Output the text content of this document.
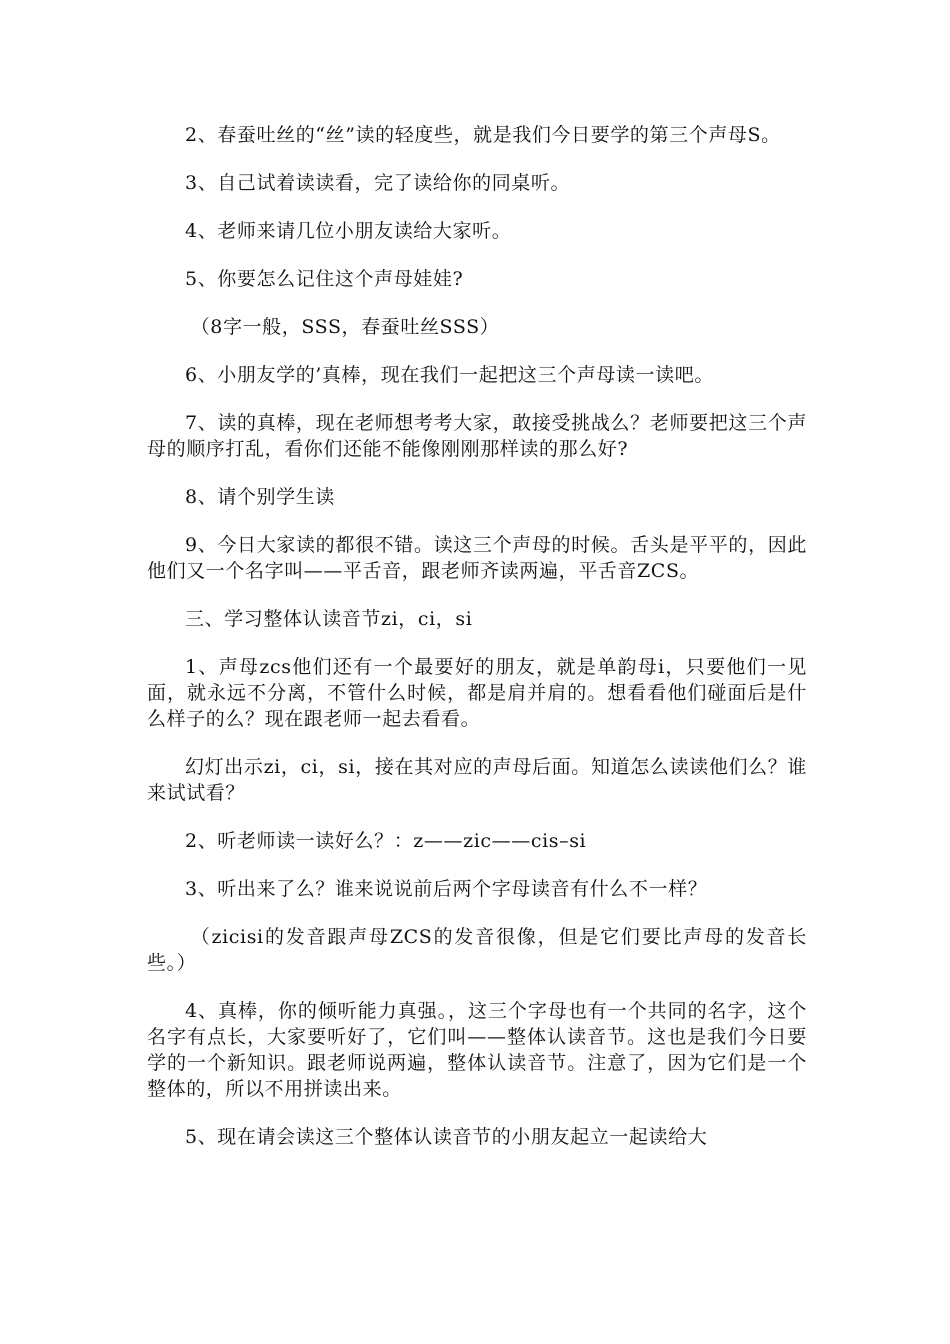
2、春蚕吐丝的“丝”读的轻度些，就是我们今日要学的第三个声母S。

3、自己试着读读看，完了读给你的同桌听。

4、老师来请几位小朋友读给大家听。

5、你要怎么记住这个声母娃娃?

（8字一般，SSS，春蚕吐丝SSS）

6、小朋友学的’真棒，现在我们一起把这三个声母读一读吧。

7、读的真棒，现在老师想考考大家，敢接受挑战么？老师要把这三个声母的顺序打乱，看你们还能不能像刚刚那样读的那么好?

8、请个别学生读

9、今日大家读的都很不错。读这三个声母的时候。舌头是平平的，因此他们又一个名字叫——平舌音，跟老师齐读两遍，平舌音ZCS。

三、学习整体认读音节zi，ci，si

1、声母zcs他们还有一个最要好的朋友，就是单韵母i，只要他们一见面，就永远不分离，不管什么时候，都是肩并肩的。想看看他们碰面后是什么样子的么？现在跟老师一起去看看。

幻灯出示zi，ci，si，接在其对应的声母后面。知道怎么读读他们么？谁来试试看？

2、听老师读一读好么？：z——zic——cis–si

3、听出来了么？谁来说说前后两个字母读音有什么不一样？

（zicisi的发音跟声母ZCS的发音很像，但是它们要比声母的发音长些。）

4、真棒，你的倾听能力真强。，这三个字母也有一个共同的名字，这个名字有点长，大家要听好了，它们叫——整体认读音节。这也是我们今日要学的一个新知识。跟老师说两遍，整体认读音节。注意了，因为它们是一个整体的，所以不用拼读出来。

5、现在请会读这三个整体认读音节的小朋友起立一起读给大
